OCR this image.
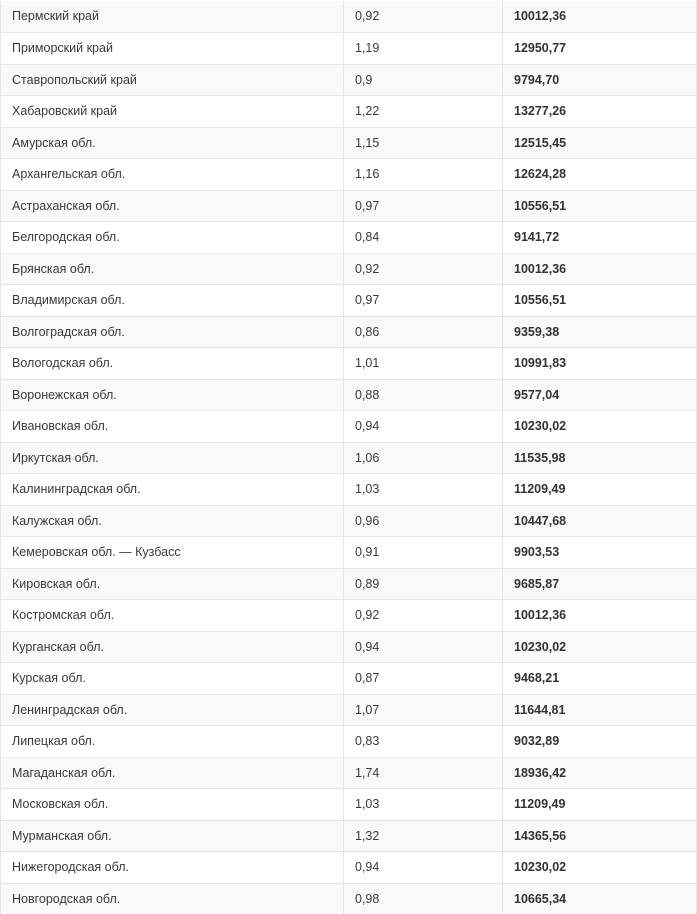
Пермский край	0,92	10012,36
Приморский край	1,19	12950,77
Ставропольский край	0,9	9794,70
Хабаровский край	1,22	13277,26
Амурская обл.	1,15	12515,45
Архангельская обл.	1,16	12624,28
Астраханская обл.	0,97	10556,51
Белгородская обл.	0,84	9141,72
Брянская обл.	0,92	10012,36
Владимирская обл.	0,97	10556,51
Волгоградская обл.	0,86	9359,38
Вологодская обл.	1,01	10991,83
Воронежская обл.	0,88	9577,04
Ивановская обл.	0,94	10230,02
Иркутская обл.	1,06	11535,98
Калининградская обл.	1,03	11209,49
Калужская обл.	0,96	10447,68
Кемеровская обл. — Кузбасс	0,91	9903,53
Кировская обл.	0,89	9685,87
Костромская обл.	0,92	10012,36
Курганская обл.	0,94	10230,02
Курская обл.	0,87	9468,21
Ленинградская обл.	1,07	11644,81
Липецкая обл.	0,83	9032,89
Магаданская обл.	1,74	18936,42
Московская обл.	1,03	11209,49
Мурманская обл.	1,32	14365,56
Нижегородская обл.	0,94	10230,02
Новгородская обл.	0,98	10665,34
